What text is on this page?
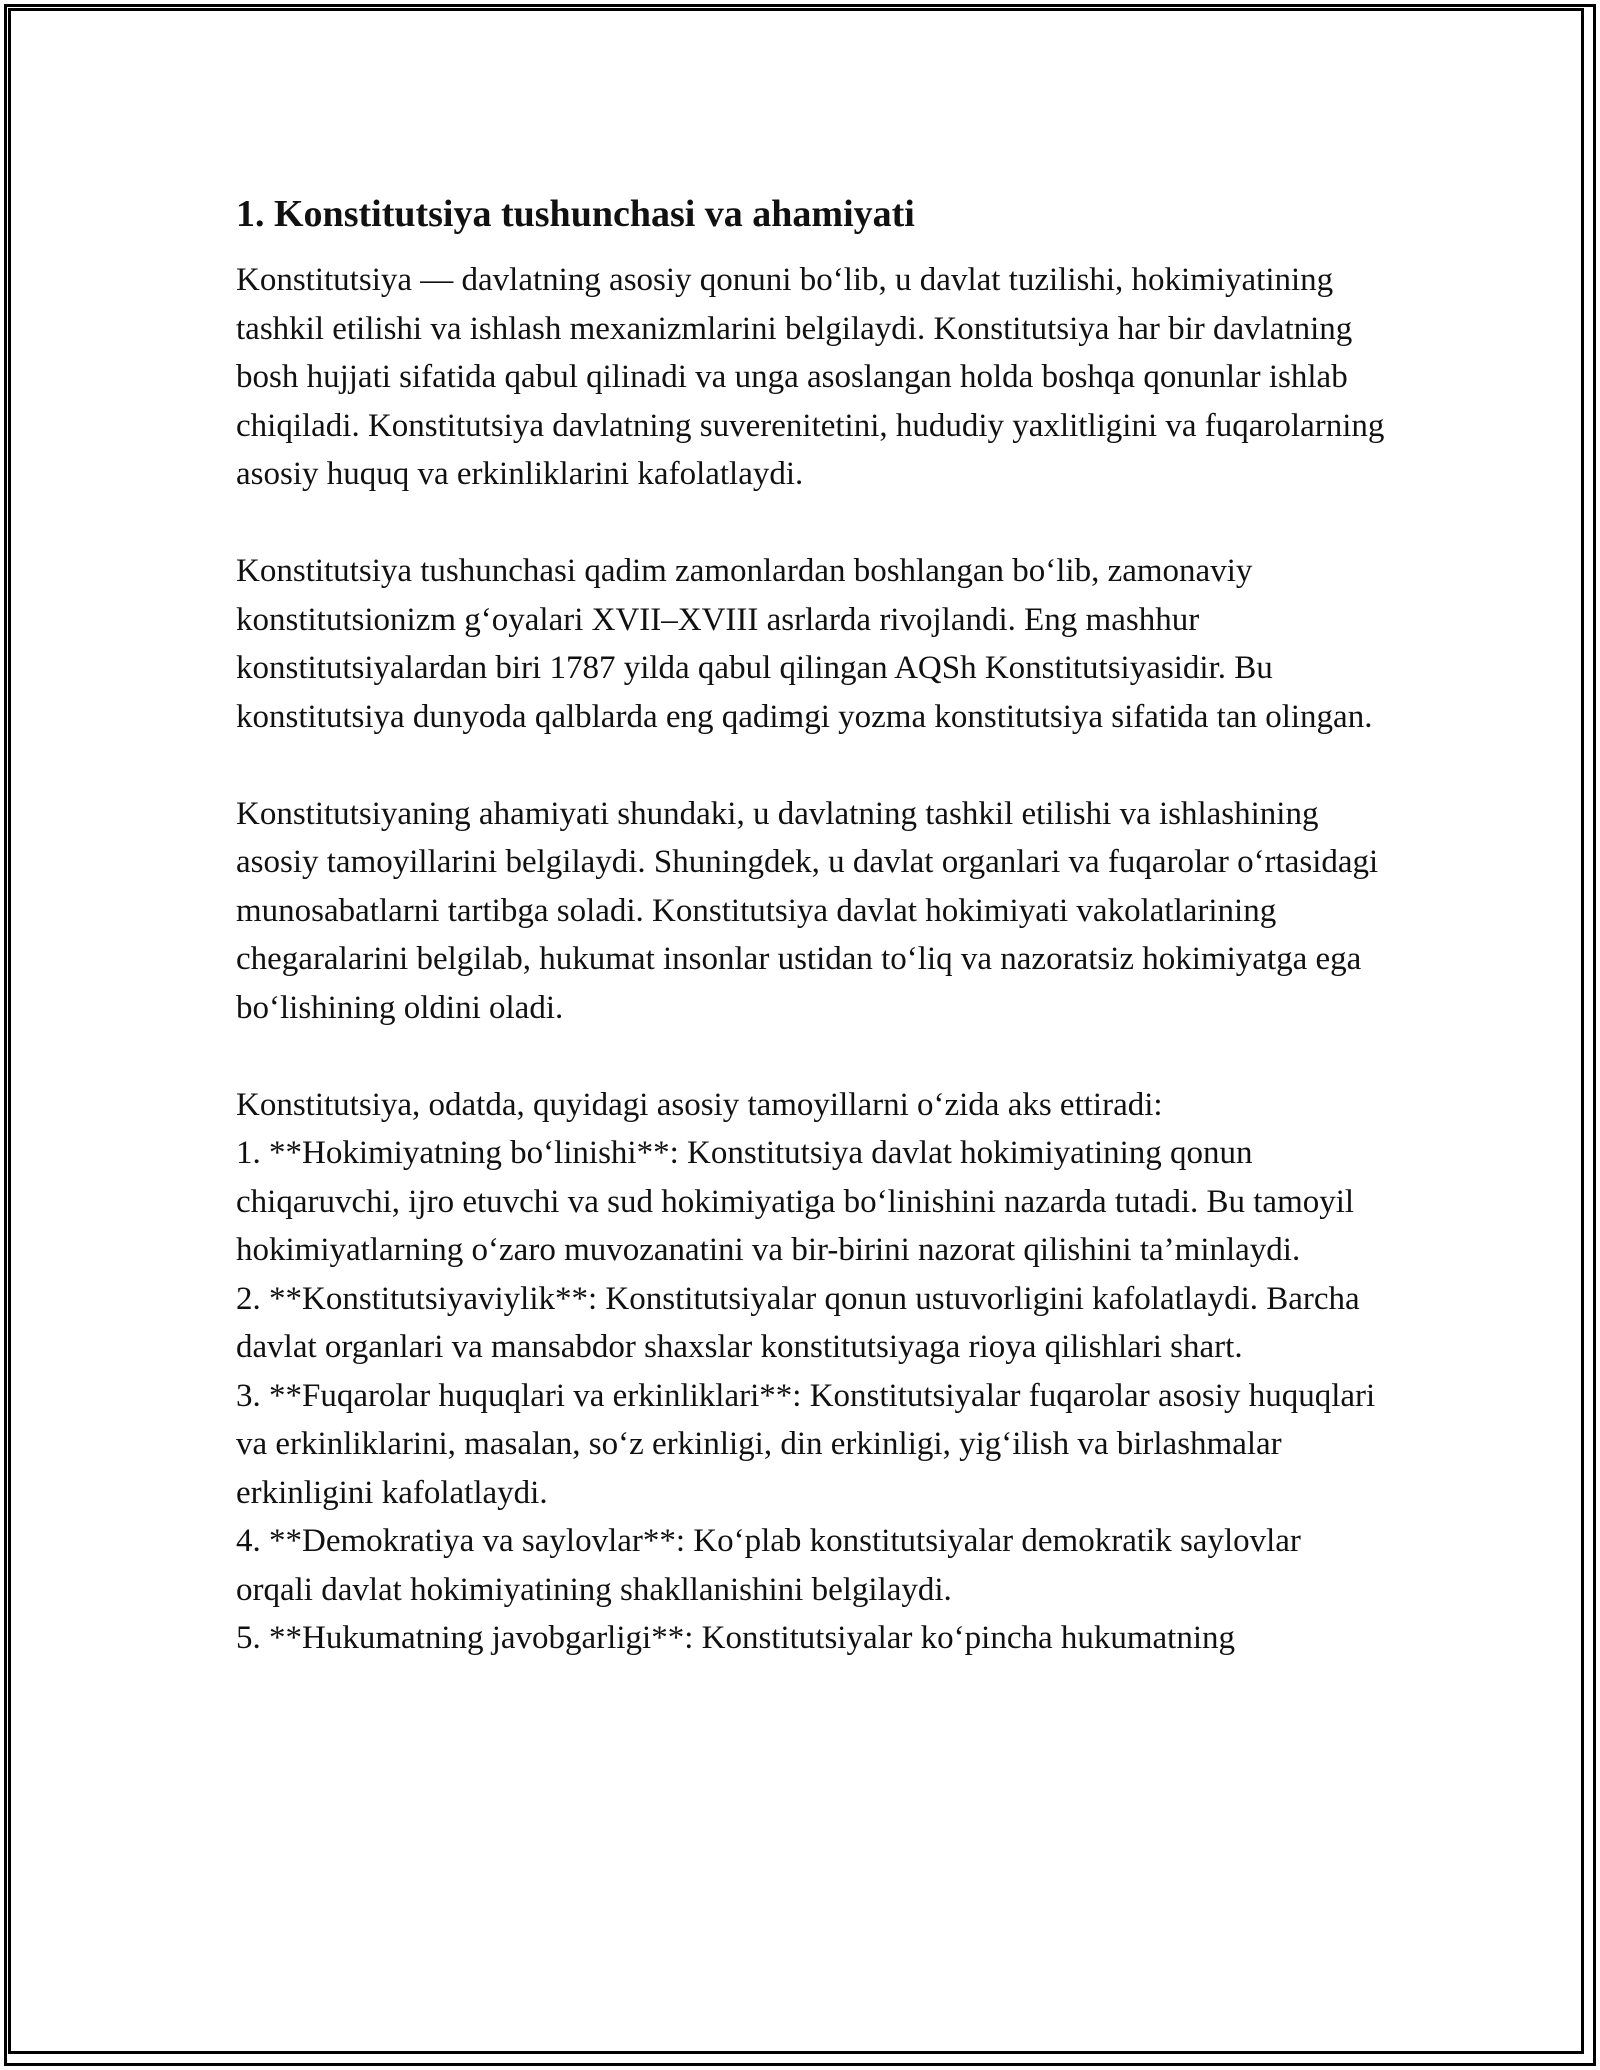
1. Konstitutsiya tushunchasi va ahamiyati

Konstitutsiya — davlatning asosiy qonuni bo‘lib, u davlat tuzilishi, hokimiyatining tashkil etilishi va ishlash mexanizmlarini belgilaydi. Konstitutsiya har bir davlatning bosh hujjati sifatida qabul qilinadi va unga asoslangan holda boshqa qonunlar ishlab chiqiladi. Konstitutsiya davlatning suverenitetini, hududiy yaxlitligini va fuqarolarning asosiy huquq va erkinliklarini kafolatlaydi.

Konstitutsiya tushunchasi qadim zamonlardan boshlangan bo‘lib, zamonaviy konstitutsionizm g‘oyalari XVII–XVIII asrlarda rivojlandi. Eng mashhur konstitutsiyalardan biri 1787 yilda qabul qilingan AQSh Konstitutsiyasidir. Bu konstitutsiya dunyoda qalblarda eng qadimgi yozma konstitutsiya sifatida tan olingan.

Konstitutsiyaning ahamiyati shundaki, u davlatning tashkil etilishi va ishlashining asosiy tamoyillarini belgilaydi. Shuningdek, u davlat organlari va fuqarolar o‘rtasidagi munosabatlarni tartibga soladi. Konstitutsiya davlat hokimiyati vakolatlarining chegaralarini belgilab, hukumat insonlar ustidan to‘liq va nazoratsiz hokimiyatga ega bo‘lishining oldini oladi.

Konstitutsiya, odatda, quyidagi asosiy tamoyillarni o‘zida aks ettiradi:

1. **Hokimiyatning bo‘linishi**: Konstitutsiya davlat hokimiyatining qonun chiqaruvchi, ijro etuvchi va sud hokimiyatiga bo‘linishini nazarda tutadi. Bu tamoyil hokimiyatlarning o‘zaro muvozanatini va bir-birini nazorat qilishini ta’minlaydi.

2. **Konstitutsiyaviylik**: Konstitutsiyalar qonun ustuvorligini kafolatlaydi. Barcha davlat organlari va mansabdor shaxslar konstitutsiyaga rioya qilishlari shart.

3. **Fuqarolar huquqlari va erkinliklari**: Konstitutsiyalar fuqarolar asosiy huquqlari va erkinliklarini, masalan, so‘z erkinligi, din erkinligi, yig‘ilish va birlashmalar erkinligini kafolatlaydi.

4. **Demokratiya va saylovlar**: Ko‘plab konstitutsiyalar demokratik saylovlar orqali davlat hokimiyatining shakllanishini belgilaydi.

5. **Hukumatning javobgarligi**: Konstitutsiyalar ko‘pincha hukumatning
